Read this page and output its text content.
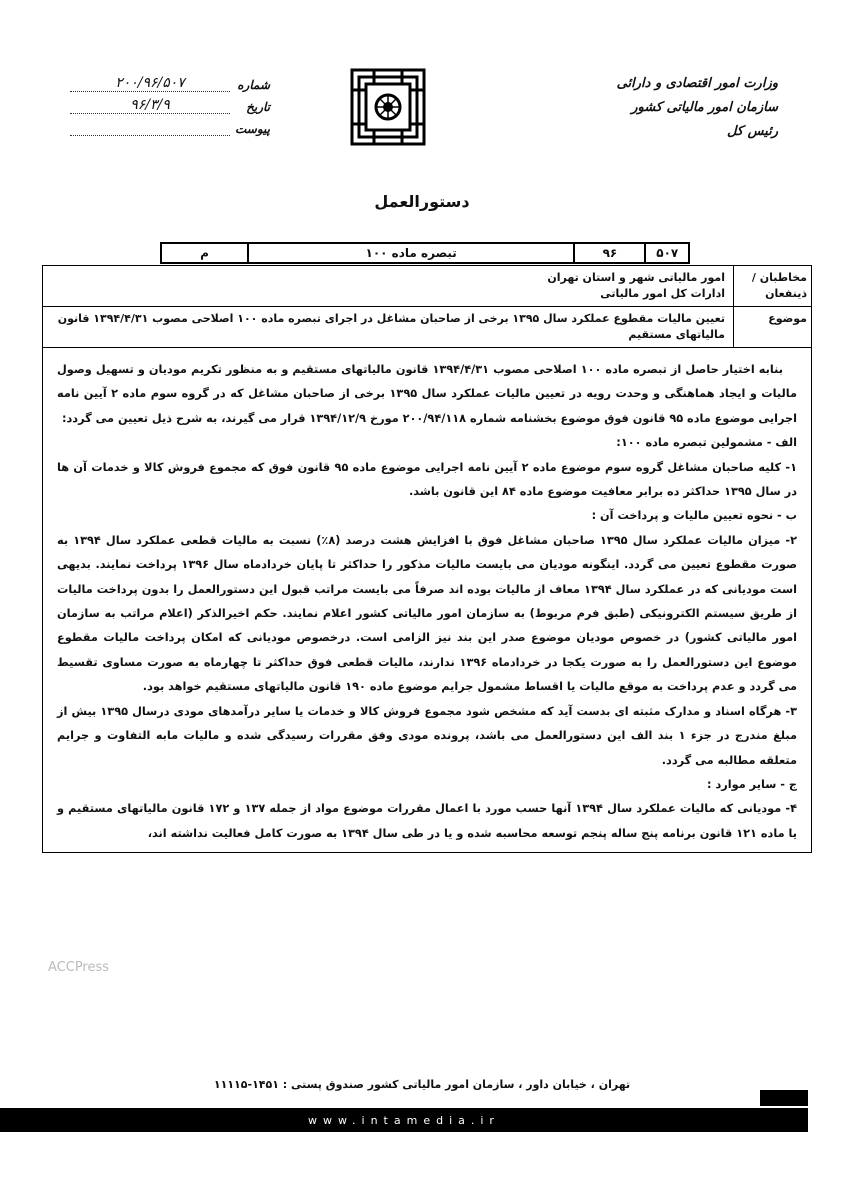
وزارت امور اقتصادی و دارائی
سازمان امور مالیاتی کشور
رئیس کل
شماره
۲۰۰/۹۶/۵۰۷
تاریخ
۹۶/۳/۹
پیوست
دستورالعمل
۵۰۷
۹۶
تبصره ماده ۱۰۰
م
مخاطبان / ذینفعان
امور مالیاتی شهر و استان تهران
ادارات کل امور مالیاتی
موضوع
تعیین مالیات مقطوع عملکرد سال ۱۳۹۵ برخی از صاحبان مشاغل در اجرای تبصره ماده ۱۰۰ اصلاحی مصوب ۱۳۹۴/۴/۳۱ قانون مالیاتهای مستقیم

بنابه اختیار حاصل از تبصره ماده ۱۰۰ اصلاحی مصوب ۱۳۹۴/۴/۳۱ قانون مالیاتهای مستقیم و به منظور تکریم مودیان و تسهیل وصول مالیات و ایجاد هماهنگی و وحدت رویه در تعیین مالیات عملکرد سال ۱۳۹۵ برخی از صاحبان مشاغل که در گروه سوم ماده ۲ آیین نامه اجرایی موضوع ماده ۹۵ قانون فوق موضوع بخشنامه شماره ۲۰۰/۹۴/۱۱۸ مورخ ۱۳۹۴/۱۲/۹ قرار می گیرند، به شرح ذیل تعیین می گردد:

الف - مشمولین تبصره ماده ۱۰۰:

۱- کلیه صاحبان مشاغل گروه سوم موضوع ماده ۲ آیین نامه اجرایی موضوع ماده ۹۵ قانون فوق که مجموع فروش کالا و خدمات آن ها در سال ۱۳۹۵ حداکثر ده برابر معافیت موضوع ماده ۸۴ این قانون باشد.

ب - نحوه تعیین مالیات و پرداخت آن :

۲- میزان مالیات عملکرد سال ۱۳۹۵ صاحبان مشاغل فوق با افزایش هشت درصد (۸٪) نسبت به مالیات قطعی عملکرد سال ۱۳۹۴ به صورت مقطوع تعیین می گردد. اینگونه مودیان می بایست مالیات مذکور را حداکثر تا پایان خردادماه سال ۱۳۹۶ پرداخت نمایند. بدیهی است مودیانی که در عملکرد سال ۱۳۹۴ معاف از مالیات بوده اند صرفاً می بایست مراتب قبول این دستورالعمل را بدون پرداخت مالیات از طریق سیستم الکترونیکی (طبق فرم مربوط) به سازمان امور مالیاتی کشور اعلام نمایند. حکم اخیرالذکر (اعلام مراتب به سازمان امور مالیاتی کشور) در خصوص مودیان موضوع صدر این بند نیز الزامی است. درخصوص مودیانی که امکان پرداخت مالیات مقطوع موضوع این دستورالعمل را به صورت یکجا در خردادماه ۱۳۹۶ ندارند، مالیات قطعی فوق حداکثر تا چهارماه به صورت مساوی تقسیط می گردد و عدم پرداخت به موقع مالیات یا اقساط مشمول جرایم موضوع ماده ۱۹۰ قانون مالیاتهای مستقیم خواهد بود.

۳- هرگاه اسناد و مدارک مثبته ای بدست آید که مشخص شود مجموع فروش کالا و خدمات یا سایر درآمدهای مودی درسال ۱۳۹۵ بیش از مبلغ مندرج در جزء ۱ بند الف این دستورالعمل می باشد، پرونده مودی وفق مقررات رسیدگی شده و مالیات مابه التفاوت و جرایم متعلقه مطالبه می گردد.

ج - سایر موارد :

۴- مودیانی که مالیات عملکرد سال ۱۳۹۴ آنها حسب مورد با اعمال مقررات موضوع مواد از جمله ۱۳۷ و ۱۷۲ قانون مالیاتهای مستقیم و یا ماده ۱۲۱ قانون برنامه پنج ساله پنجم توسعه محاسبه شده و یا در طی سال ۱۳۹۴ به صورت کامل فعالیت نداشته اند،

ACCPress
تهران ، خیابان داور ، سازمان امور مالیاتی کشور صندوق پستی : ۱۴۵۱-۱۱۱۱۵
www.intamedia.ir
